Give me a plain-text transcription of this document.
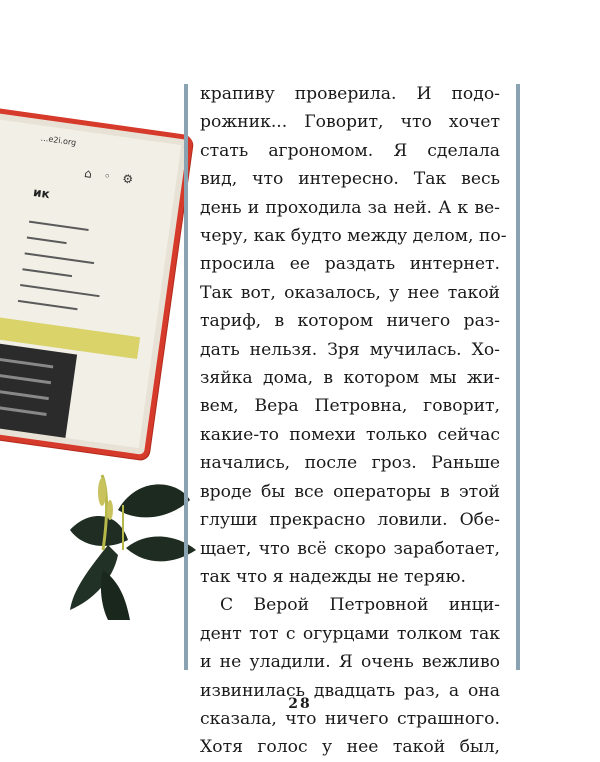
...e2i.org
⌂ ◦ ⚙
ик
крапиву проверила. И подо-
рожник... Говорит, что хочет
стать агрономом. Я сделала
вид, что интересно. Так весь
день и проходила за ней. А к ве-
черу, как будто между делом, по-
просила ее раздать интернет.
Так вот, оказалось, у нее такой
тариф, в котором ничего раз-
дать нельзя. Зря мучилась. Хо-
зяйка дома, в котором мы жи-
вем, Вера Петровна, говорит,
какие-то помехи только сейчас
начались, после гроз. Раньше
вроде бы все операторы в этой
глуши прекрасно ловили. Обе-
щает, что всё скоро заработает,
так что я надежды не теряю.
С Верой Петровной инци-
дент тот с огурцами толком так
и не уладили. Я очень вежливо
извинилась двадцать раз, а она
сказала, что ничего страшного.
Хотя голос у нее такой был,
28
